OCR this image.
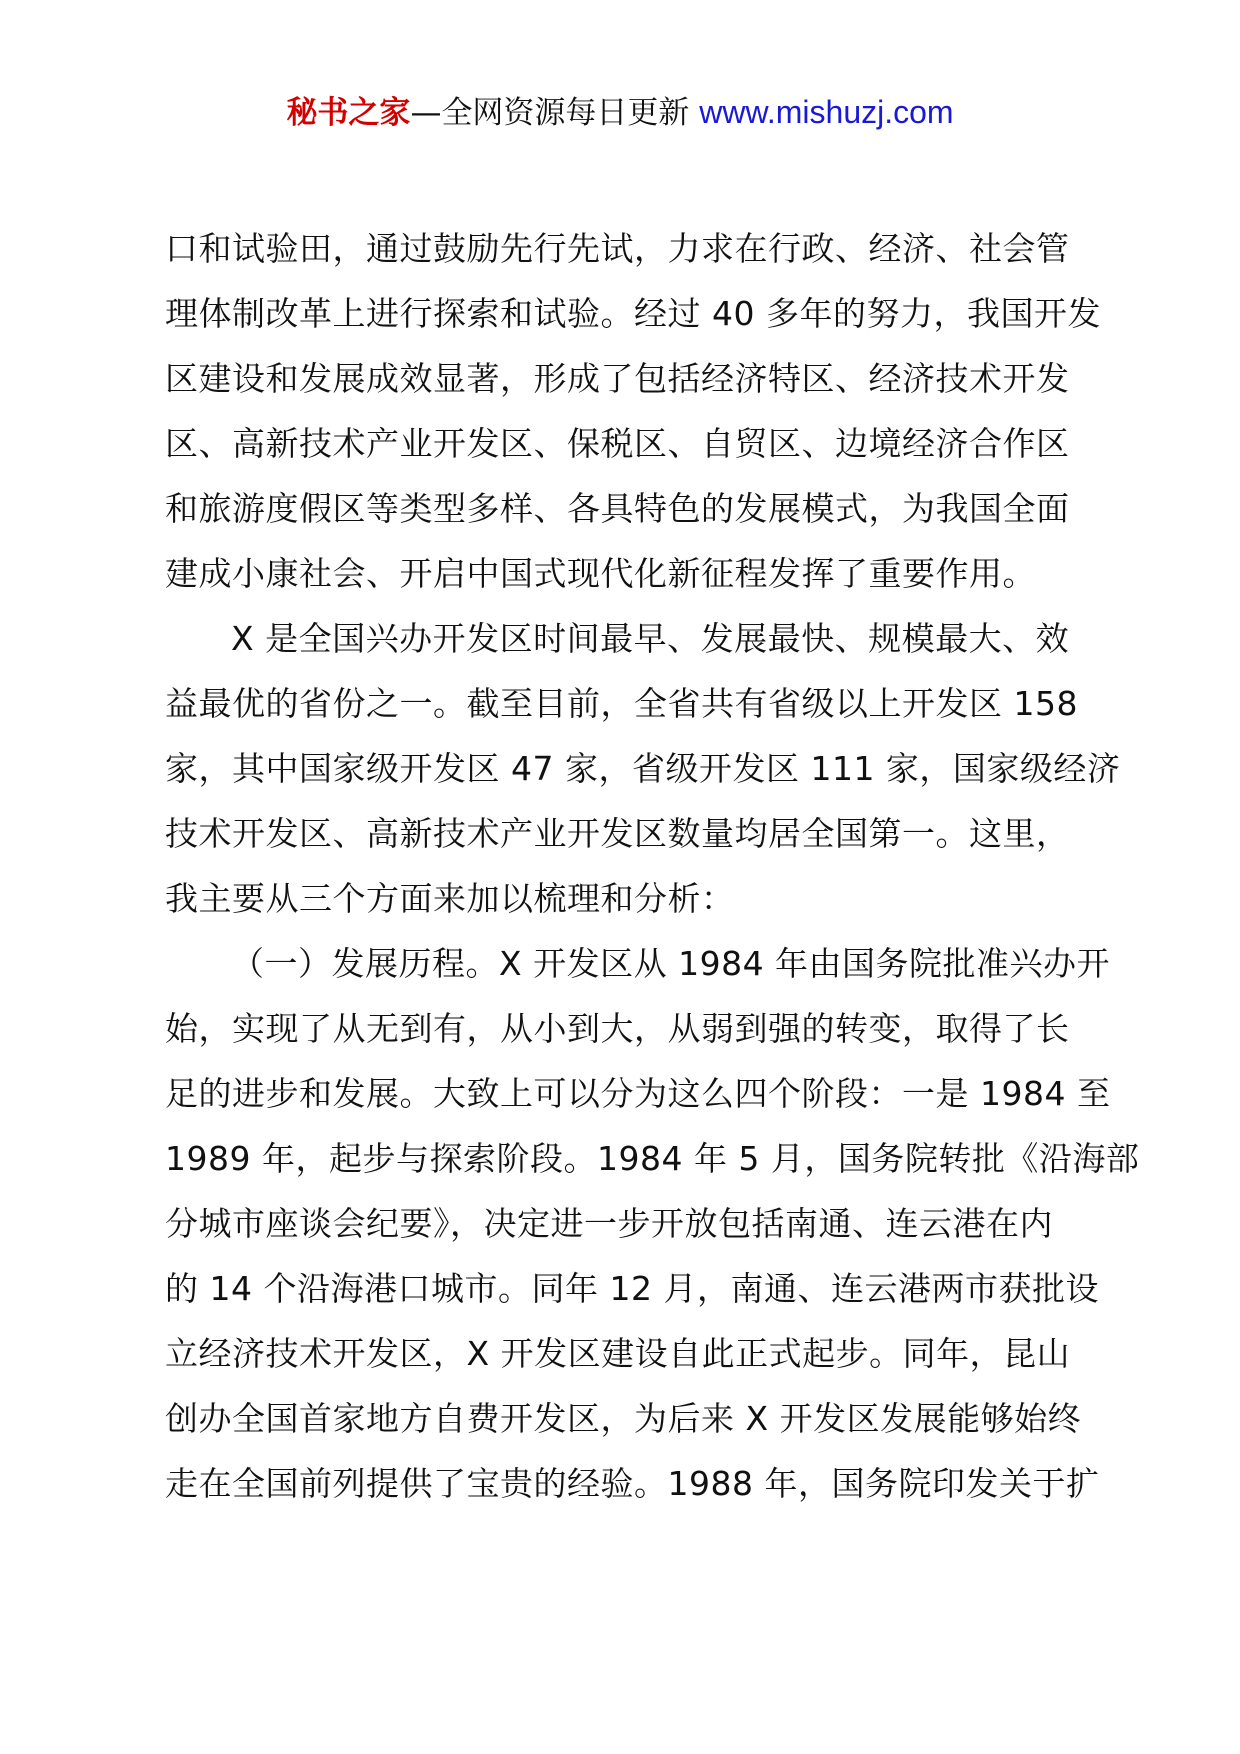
秘书之家—全网资源每日更新 www.mishuzj.com

口和试验田，通过鼓励先行先试，力求在行政、经济、社会管
理体制改革上进行探索和试验。经过 40 多年的努力，我国开发
区建设和发展成效显著，形成了包括经济特区、经济技术开发
区、高新技术产业开发区、保税区、自贸区、边境经济合作区
和旅游度假区等类型多样、各具特色的发展模式，为我国全面
建成小康社会、开启中国式现代化新征程发挥了重要作用。

X 是全国兴办开发区时间最早、发展最快、规模最大、效
益最优的省份之一。截至目前，全省共有省级以上开发区 158
家，其中国家级开发区 47 家，省级开发区 111 家，国家级经济
技术开发区、高新技术产业开发区数量均居全国第一。这里，
我主要从三个方面来加以梳理和分析：

（一）发展历程。X 开发区从 1984 年由国务院批准兴办开
始，实现了从无到有，从小到大，从弱到强的转变，取得了长
足的进步和发展。大致上可以分为这么四个阶段：一是 1984 至
1989 年，起步与探索阶段。1984 年 5 月，国务院转批《沿海部
分城市座谈会纪要》，决定进一步开放包括南通、连云港在内
的 14 个沿海港口城市。同年 12 月，南通、连云港两市获批设
立经济技术开发区，X 开发区建设自此正式起步。同年，昆山
创办全国首家地方自费开发区，为后来 X 开发区发展能够始终
走在全国前列提供了宝贵的经验。1988 年，国务院印发关于扩
